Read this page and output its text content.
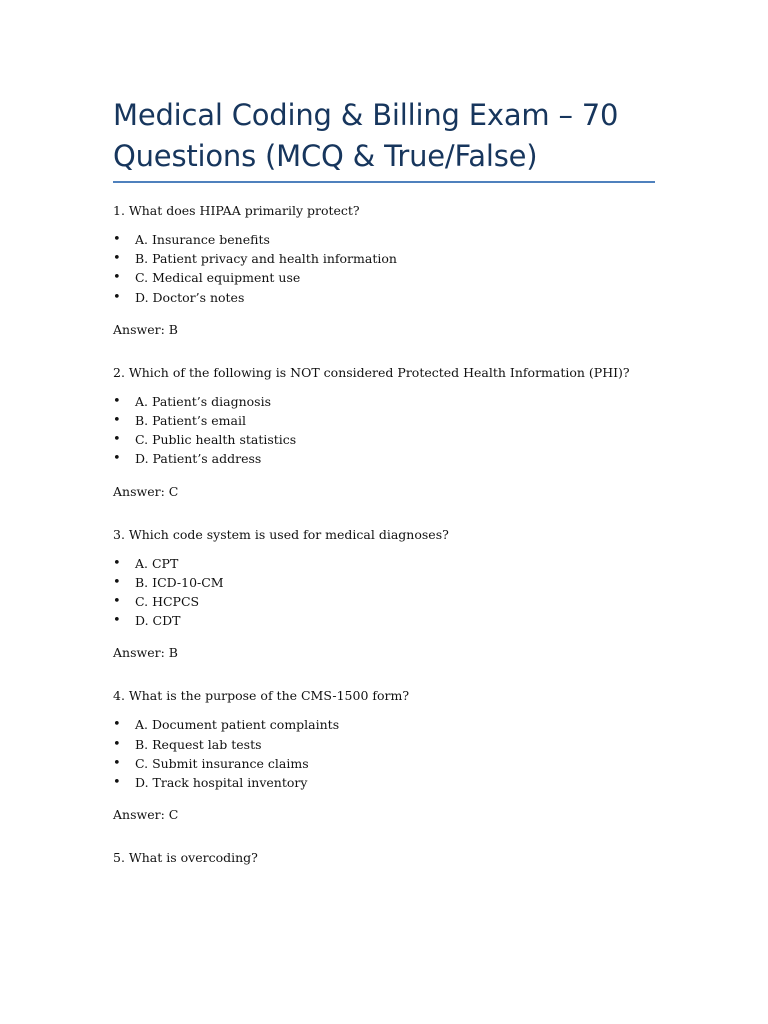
Medical Coding & Billing Exam – 70 Questions (MCQ & True/False)

1. What does HIPAA primarily protect?

• A. Insurance benefits
• B. Patient privacy and health information
• C. Medical equipment use
• D. Doctor’s notes

Answer: B

2. Which of the following is NOT considered Protected Health Information (PHI)?

• A. Patient’s diagnosis
• B. Patient’s email
• C. Public health statistics
• D. Patient’s address

Answer: C

3. Which code system is used for medical diagnoses?

• A. CPT
• B. ICD-10-CM
• C. HCPCS
• D. CDT

Answer: B

4. What is the purpose of the CMS-1500 form?

• A. Document patient complaints
• B. Request lab tests
• C. Submit insurance claims
• D. Track hospital inventory

Answer: C

5. What is overcoding?
